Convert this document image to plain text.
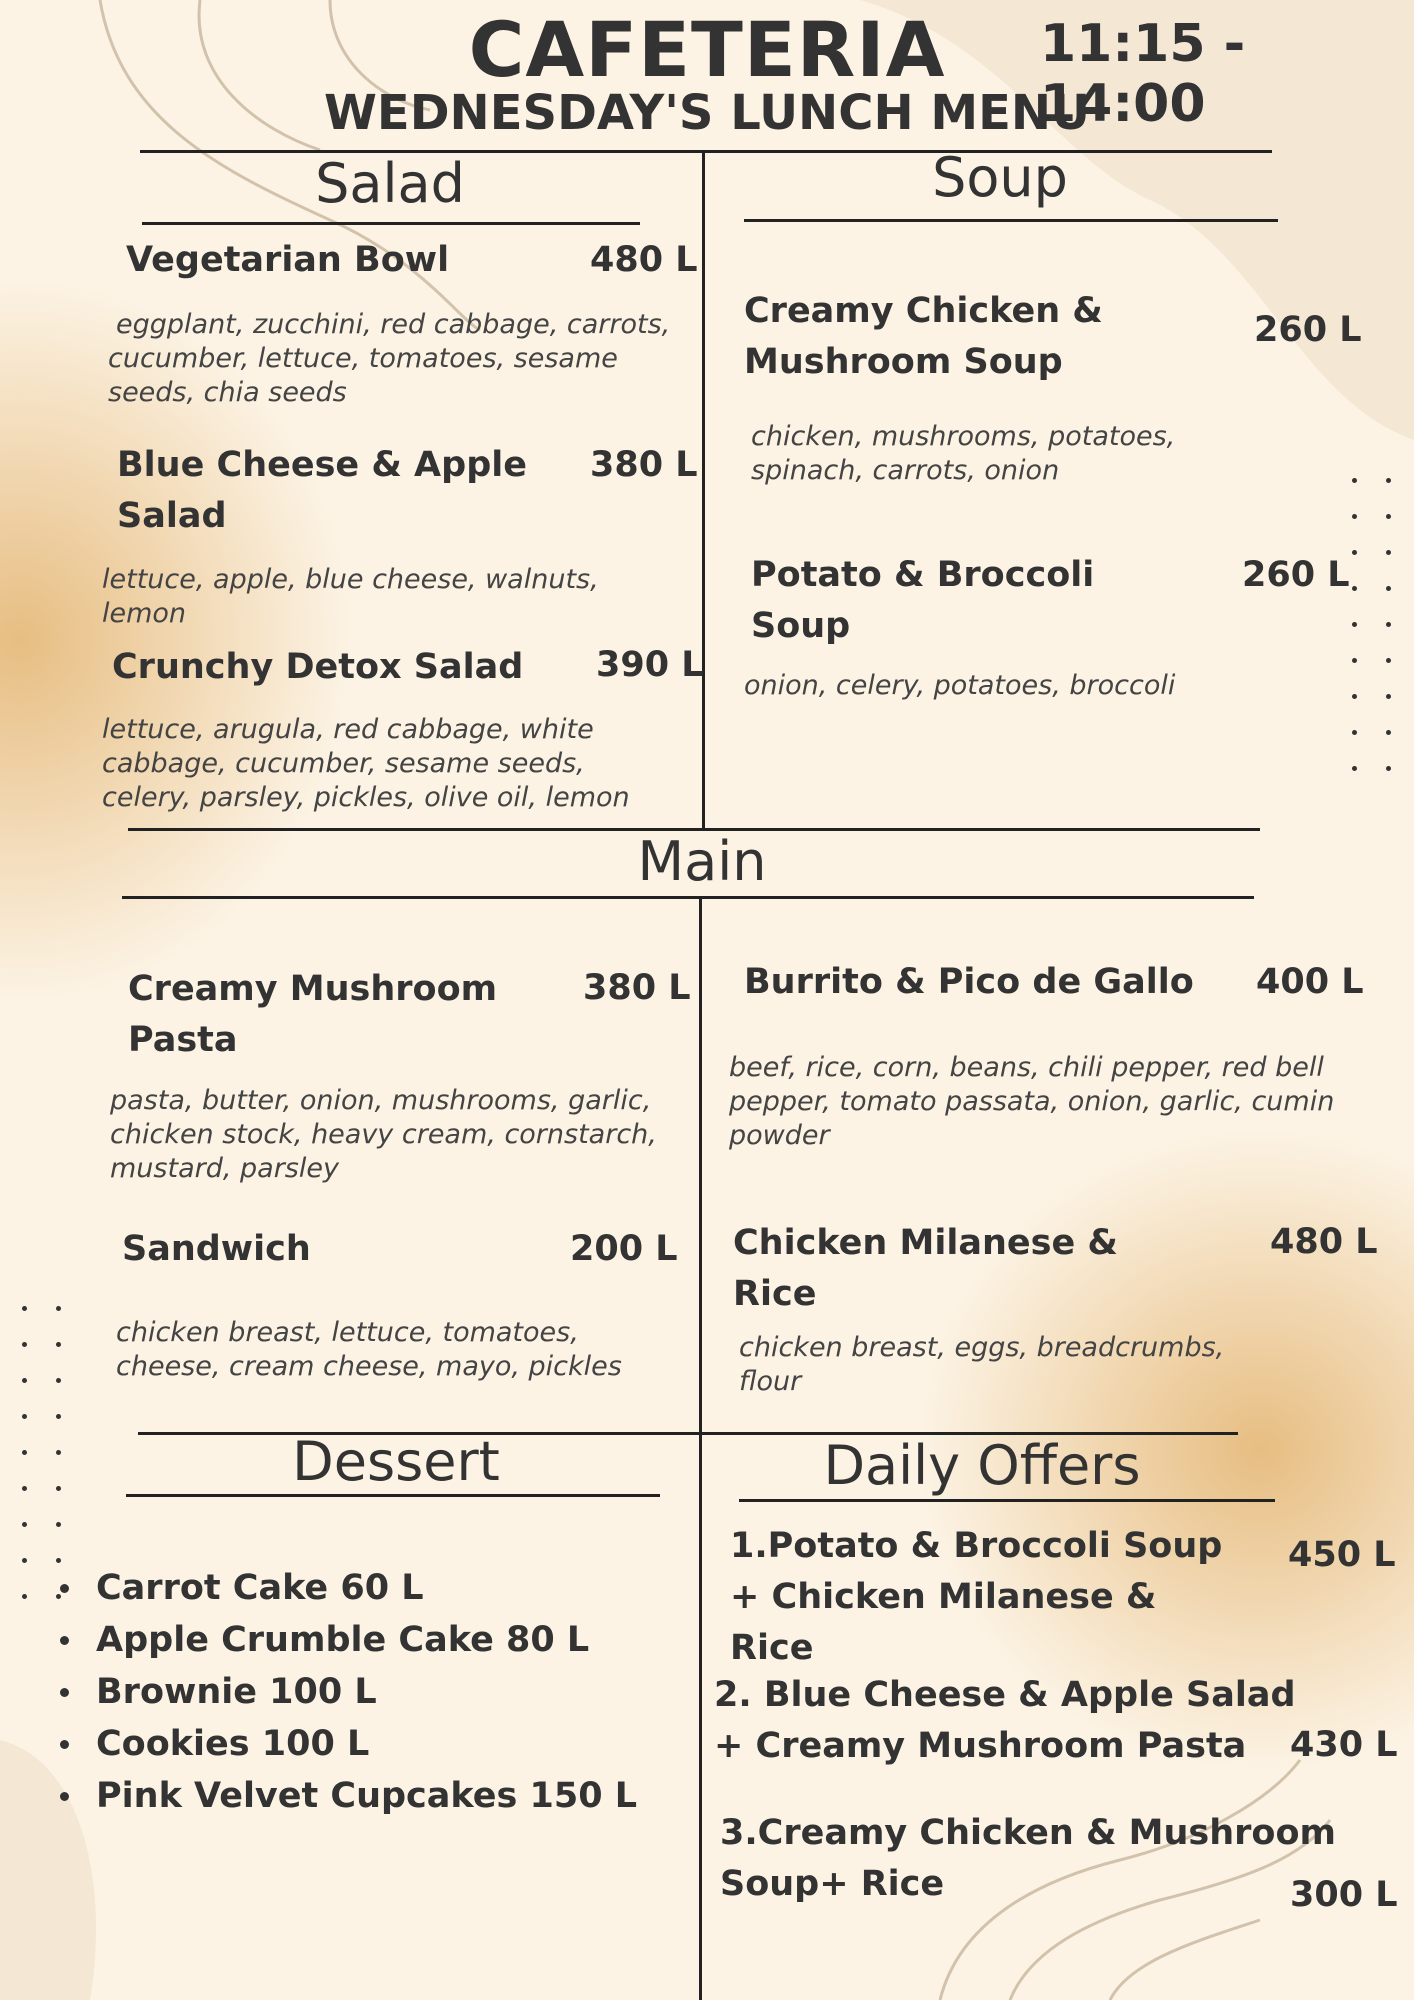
CAFETERIA	11:15 - 14:00
WEDNESDAY'S LUNCH MENU
Salad	Soup
Main
Dessert	Daily Offers
Vegetarian Bowl	480 L
eggplant, zucchini, red cabbage, carrots, cucumber, lettuce, tomatoes, sesame seeds, chia seeds
Blue Cheese & Apple Salad
380 L
lettuce, apple, blue cheese, walnuts, lemon
Crunchy Detox Salad	390 L
lettuce, arugula, red cabbage, white cabbage, cucumber, sesame seeds, celery, parsley, pickles, olive oil, lemon
Creamy Chicken & Mushroom Soup
260 L
chicken, mushrooms, potatoes, spinach, carrots, onion
Potato & Broccoli Soup
260 L
onion, celery, potatoes, broccoli
Creamy Mushroom Pasta
380 L
pasta, butter, onion, mushrooms, garlic, chicken stock, heavy cream, cornstarch, mustard, parsley
Burrito & Pico de Gallo	400 L
beef, rice, corn, beans, chili pepper, red bell pepper, tomato passata, onion, garlic, cumin powder
Sandwich	200 L
chicken breast, lettuce, tomatoes, cheese, cream cheese, mayo, pickles
Chicken Milanese & Rice
480 L
chicken breast, eggs, breadcrumbs, flour
Carrot Cake 60 L
Apple Crumble Cake 80 L
Brownie 100 L
Cookies 100 L
Pink Velvet Cupcakes 150 L
1.Potato & Broccoli Soup + Chicken Milanese & Rice
450 L
2. Blue Cheese & Apple Salad + Creamy Mushroom Pasta	430 L
3.Creamy Chicken & Mushroom Soup+ Rice	300 L
